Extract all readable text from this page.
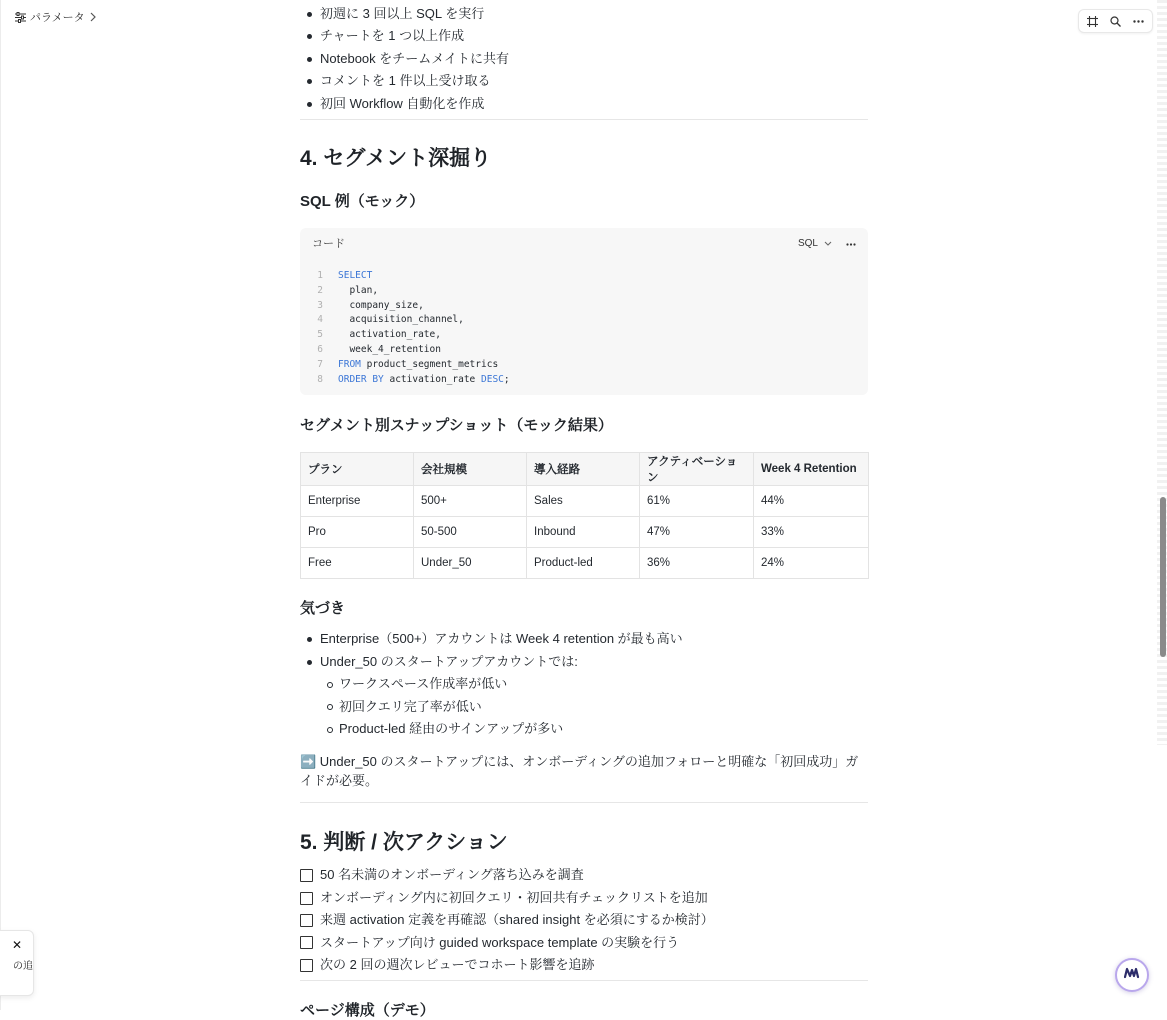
パラメータ	初週に 3 回以上 SQL を実行
チャートを 1 つ以上作成
Notebook をチームメイトに共有
コメントを 1 件以上受け取る
初回 Workflow 自動化を作成
4. セグメント深掘り
SQL 例（モック）
コード	SQL
1 SELECT
2 plan,
3 company_size,
4 acquisition_channel,
5 activation_rate,
6 week_4_retention
7 FROM product_segment_metrics
8 ORDER BY activation_rate DESC;
セグメント別スナップショット（モック結果）
プラン	会社規模	導入経路	アクティベーション	Week 4 Retention
Enterprise	500+	Sales	61%	44%
Pro	50-500	Inbound	47%	33%
Free	Under_50	Product-led	36%	24%
気づき
Enterprise（500+）アカウントは Week 4 retention が最も高い
Under_50 のスタートアップアカウントでは:
ワークスペース作成率が低い
初回クエリ完了率が低い
Product-led 経由のサインアップが多い
➡️ Under_50 のスタートアップには、オンボーディングの追加フォローと明確な「初回成功」ガイドが必要。
5. 判断 / 次アクション
50 名未満のオンボーディング落ち込みを調査
オンボーディング内に初回クエリ・初回共有チェックリストを追加
来週 activation 定義を再確認（shared insight を必須にするか検討）
スタートアップ向け guided workspace template の実験を行う
次の 2 回の週次レビューでコホート影響を追跡
ページ構成（デモ）
✕
の追
